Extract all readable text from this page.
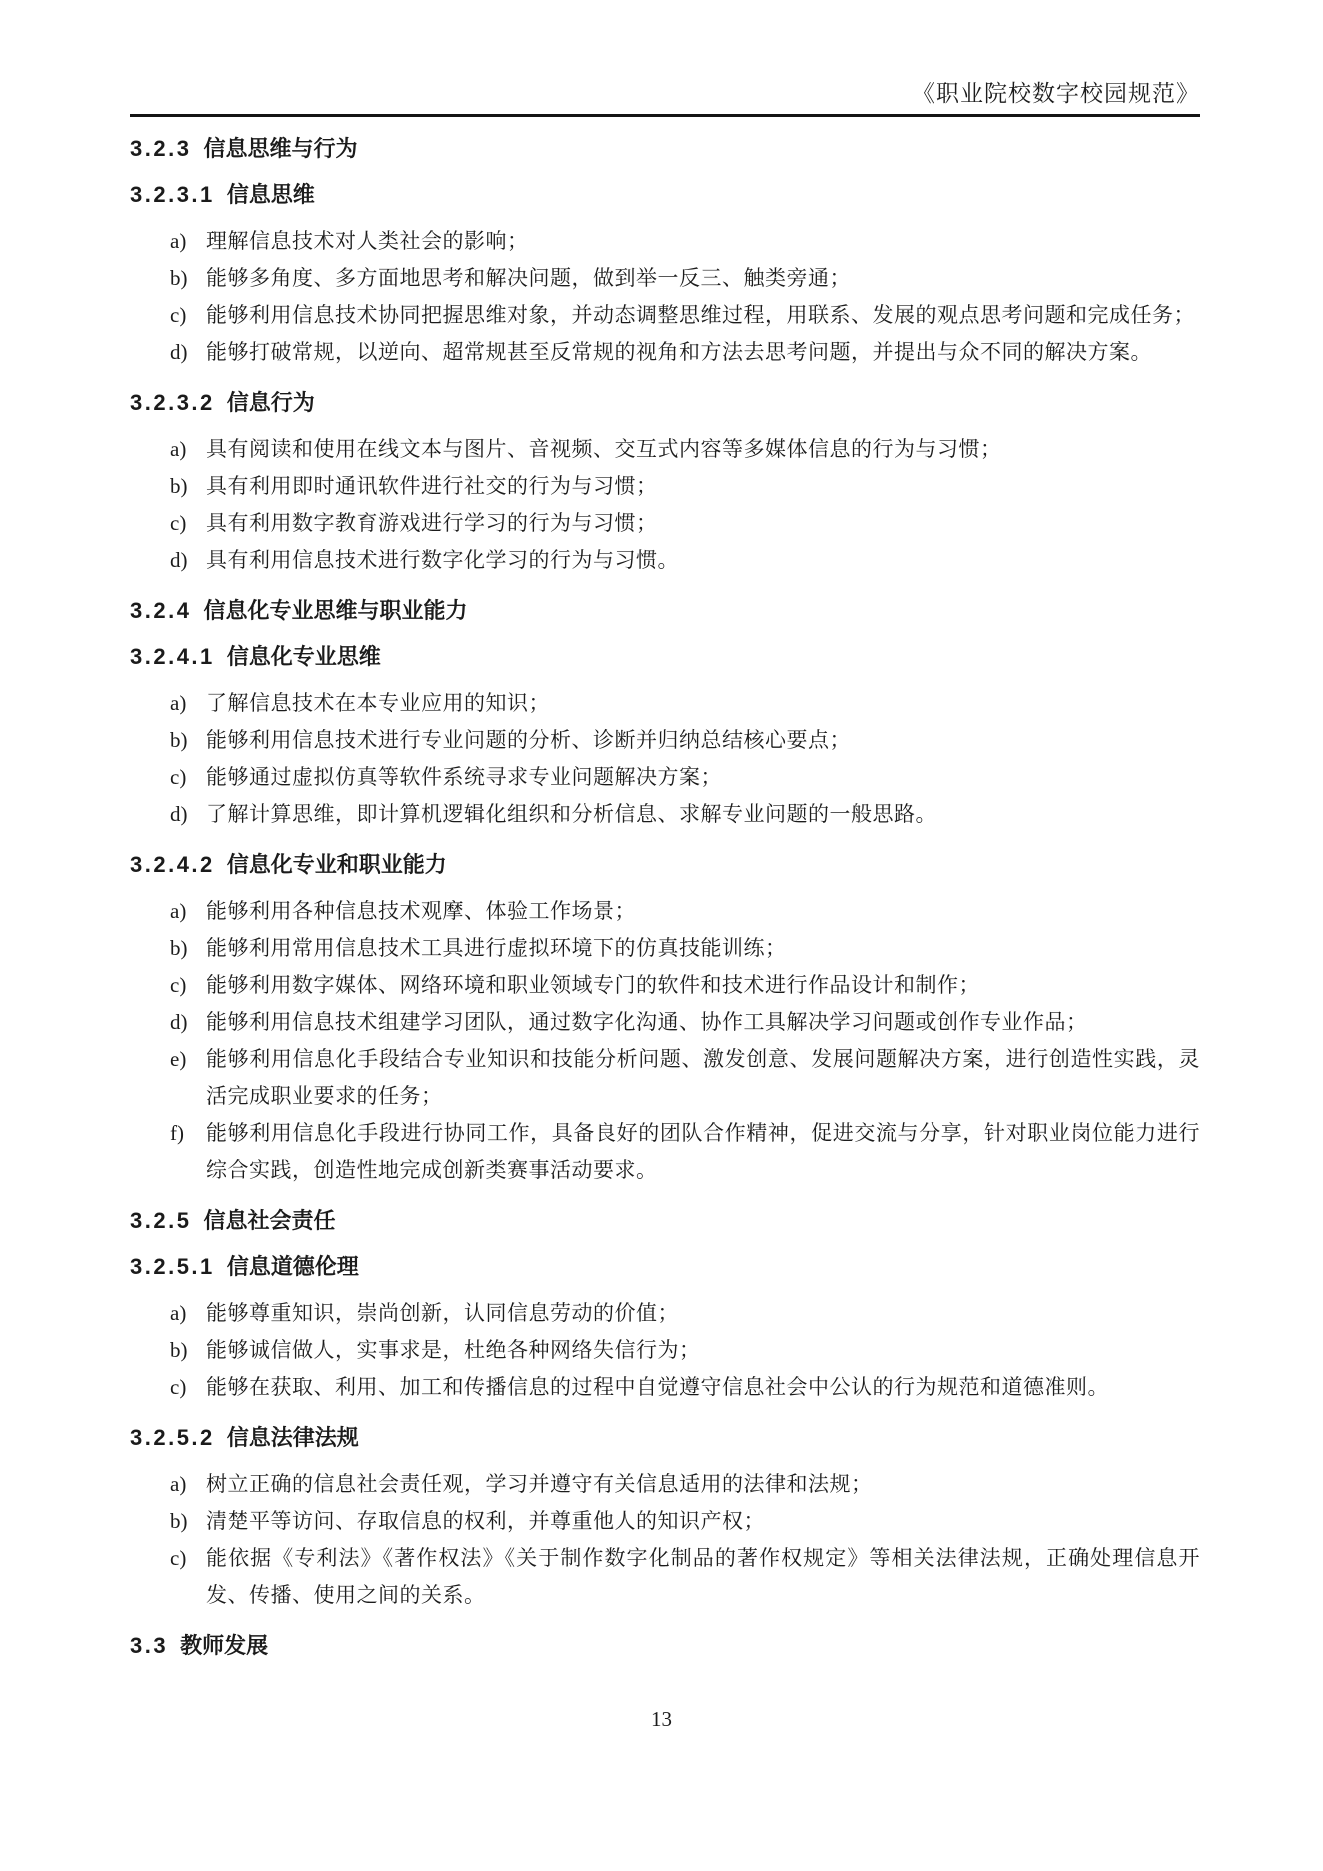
《职业院校数字校园规范》
3.2.3 信息思维与行为
3.2.3.1 信息思维
a) 理解信息技术对人类社会的影响；
b) 能够多角度、多方面地思考和解决问题，做到举一反三、触类旁通；
c) 能够利用信息技术协同把握思维对象，并动态调整思维过程，用联系、发展的观点思考问题和完成任务；
d) 能够打破常规，以逆向、超常规甚至反常规的视角和方法去思考问题，并提出与众不同的解决方案。
3.2.3.2 信息行为
a) 具有阅读和使用在线文本与图片、音视频、交互式内容等多媒体信息的行为与习惯；
b) 具有利用即时通讯软件进行社交的行为与习惯；
c) 具有利用数字教育游戏进行学习的行为与习惯；
d) 具有利用信息技术进行数字化学习的行为与习惯。
3.2.4 信息化专业思维与职业能力
3.2.4.1 信息化专业思维
a) 了解信息技术在本专业应用的知识；
b) 能够利用信息技术进行专业问题的分析、诊断并归纳总结核心要点；
c) 能够通过虚拟仿真等软件系统寻求专业问题解决方案；
d) 了解计算思维，即计算机逻辑化组织和分析信息、求解专业问题的一般思路。
3.2.4.2 信息化专业和职业能力
a) 能够利用各种信息技术观摩、体验工作场景；
b) 能够利用常用信息技术工具进行虚拟环境下的仿真技能训练；
c) 能够利用数字媒体、网络环境和职业领域专门的软件和技术进行作品设计和制作；
d) 能够利用信息技术组建学习团队，通过数字化沟通、协作工具解决学习问题或创作专业作品；
e) 能够利用信息化手段结合专业知识和技能分析问题、激发创意、发展问题解决方案，进行创造性实践，灵活完成职业要求的任务；
f)	能够利用信息化手段进行协同工作，具备良好的团队合作精神，促进交流与分享，针对职业岗位能力进行综合实践，创造性地完成创新类赛事活动要求。
3.2.5 信息社会责任
3.2.5.1 信息道德伦理
a) 能够尊重知识，崇尚创新，认同信息劳动的价值；
b) 能够诚信做人，实事求是，杜绝各种网络失信行为；
c) 能够在获取、利用、加工和传播信息的过程中自觉遵守信息社会中公认的行为规范和道德准则。
3.2.5.2 信息法律法规
a) 树立正确的信息社会责任观，学习并遵守有关信息适用的法律和法规；
b) 清楚平等访问、存取信息的权利，并尊重他人的知识产权；
c) 能依据《专利法》《著作权法》《关于制作数字化制品的著作权规定》等相关法律法规，正确处理信息开发、传播、使用之间的关系。
3.3 教师发展
13
